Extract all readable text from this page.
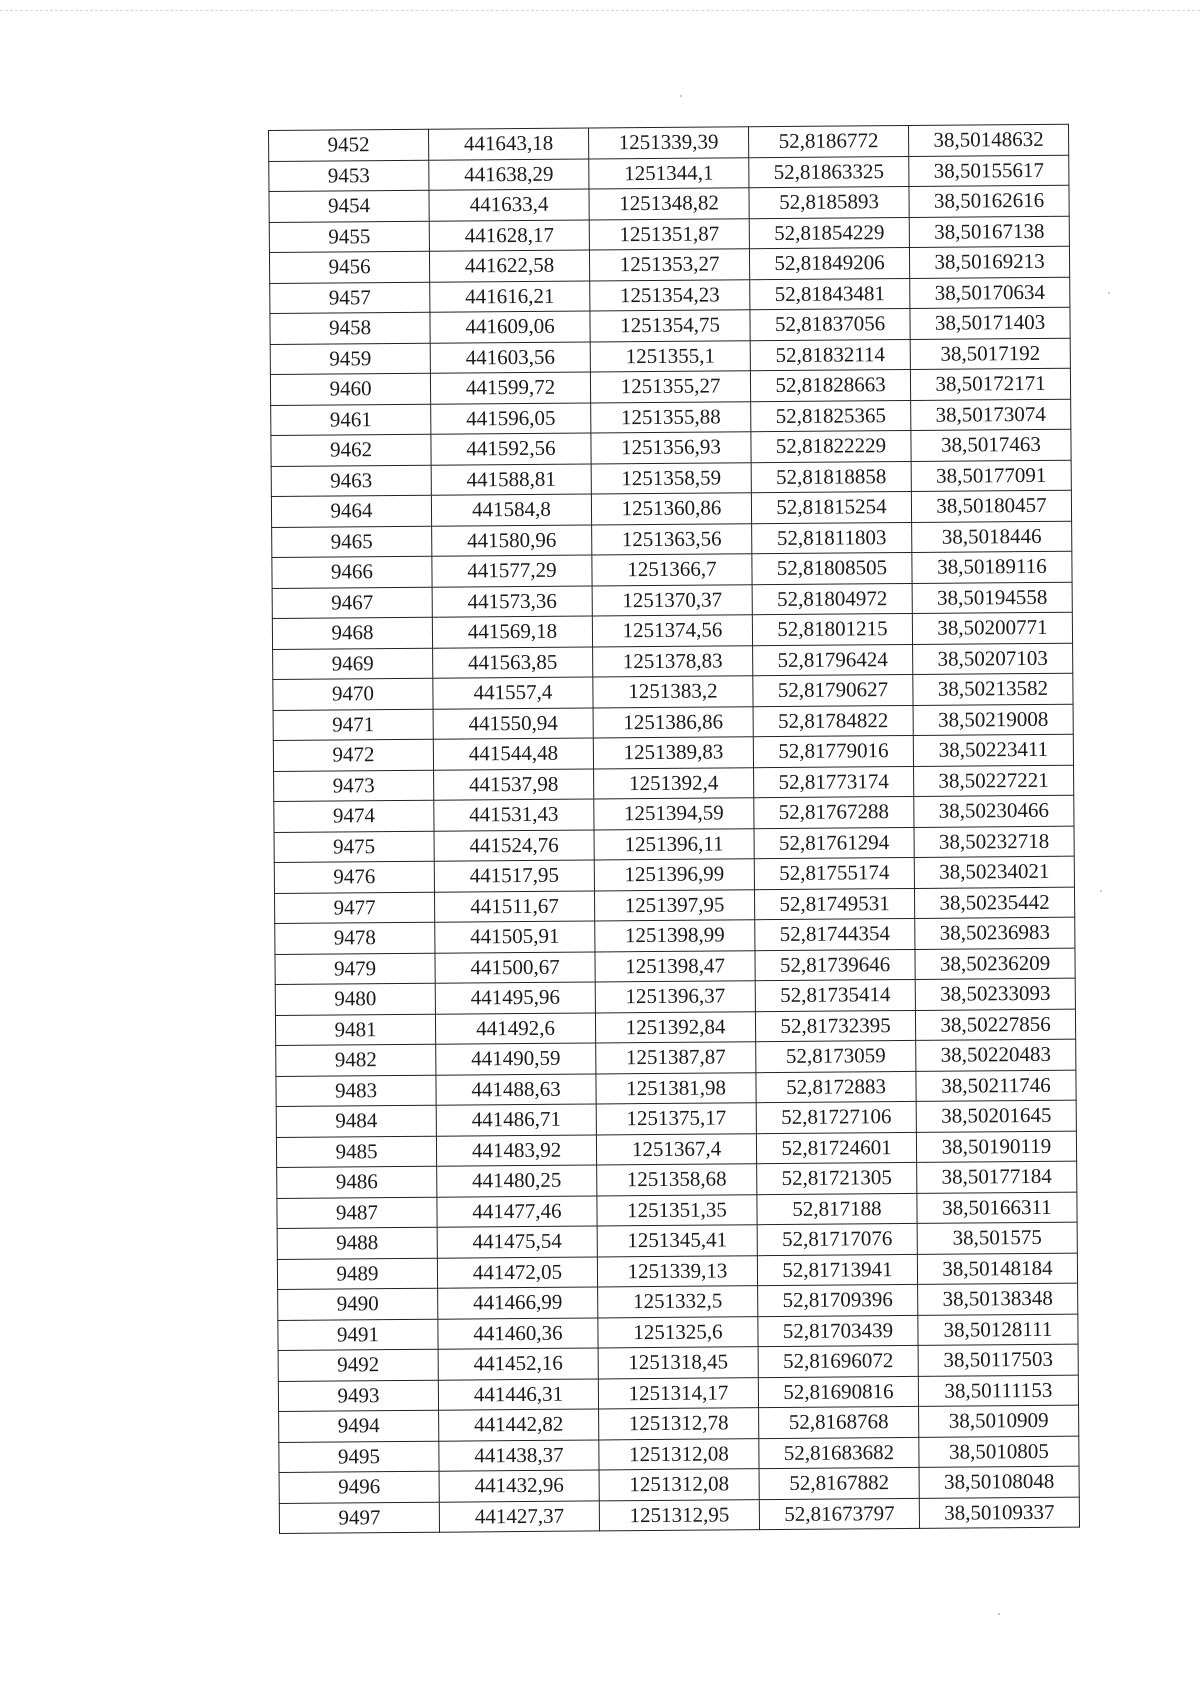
9452	441643,18	1251339,39	52,8186772	38,50148632
9453	441638,29	1251344,1	52,81863325	38,50155617
9454	441633,4	1251348,82	52,8185893	38,50162616
9455	441628,17	1251351,87	52,81854229	38,50167138
9456	441622,58	1251353,27	52,81849206	38,50169213
9457	441616,21	1251354,23	52,81843481	38,50170634
9458	441609,06	1251354,75	52,81837056	38,50171403
9459	441603,56	1251355,1	52,81832114	38,5017192
9460	441599,72	1251355,27	52,81828663	38,50172171
9461	441596,05	1251355,88	52,81825365	38,50173074
9462	441592,56	1251356,93	52,81822229	38,5017463
9463	441588,81	1251358,59	52,81818858	38,50177091
9464	441584,8	1251360,86	52,81815254	38,50180457
9465	441580,96	1251363,56	52,81811803	38,5018446
9466	441577,29	1251366,7	52,81808505	38,50189116
9467	441573,36	1251370,37	52,81804972	38,50194558
9468	441569,18	1251374,56	52,81801215	38,50200771
9469	441563,85	1251378,83	52,81796424	38,50207103
9470	441557,4	1251383,2	52,81790627	38,50213582
9471	441550,94	1251386,86	52,81784822	38,50219008
9472	441544,48	1251389,83	52,81779016	38,50223411
9473	441537,98	1251392,4	52,81773174	38,50227221
9474	441531,43	1251394,59	52,81767288	38,50230466
9475	441524,76	1251396,11	52,81761294	38,50232718
9476	441517,95	1251396,99	52,81755174	38,50234021
9477	441511,67	1251397,95	52,81749531	38,50235442
9478	441505,91	1251398,99	52,81744354	38,50236983
9479	441500,67	1251398,47	52,81739646	38,50236209
9480	441495,96	1251396,37	52,81735414	38,50233093
9481	441492,6	1251392,84	52,81732395	38,50227856
9482	441490,59	1251387,87	52,8173059	38,50220483
9483	441488,63	1251381,98	52,8172883	38,50211746
9484	441486,71	1251375,17	52,81727106	38,50201645
9485	441483,92	1251367,4	52,81724601	38,50190119
9486	441480,25	1251358,68	52,81721305	38,50177184
9487	441477,46	1251351,35	52,817188	38,50166311
9488	441475,54	1251345,41	52,81717076	38,501575
9489	441472,05	1251339,13	52,81713941	38,50148184
9490	441466,99	1251332,5	52,81709396	38,50138348
9491	441460,36	1251325,6	52,81703439	38,50128111
9492	441452,16	1251318,45	52,81696072	38,50117503
9493	441446,31	1251314,17	52,81690816	38,50111153
9494	441442,82	1251312,78	52,8168768	38,5010909
9495	441438,37	1251312,08	52,81683682	38,5010805
9496	441432,96	1251312,08	52,8167882	38,50108048
9497	441427,37	1251312,95	52,81673797	38,50109337
